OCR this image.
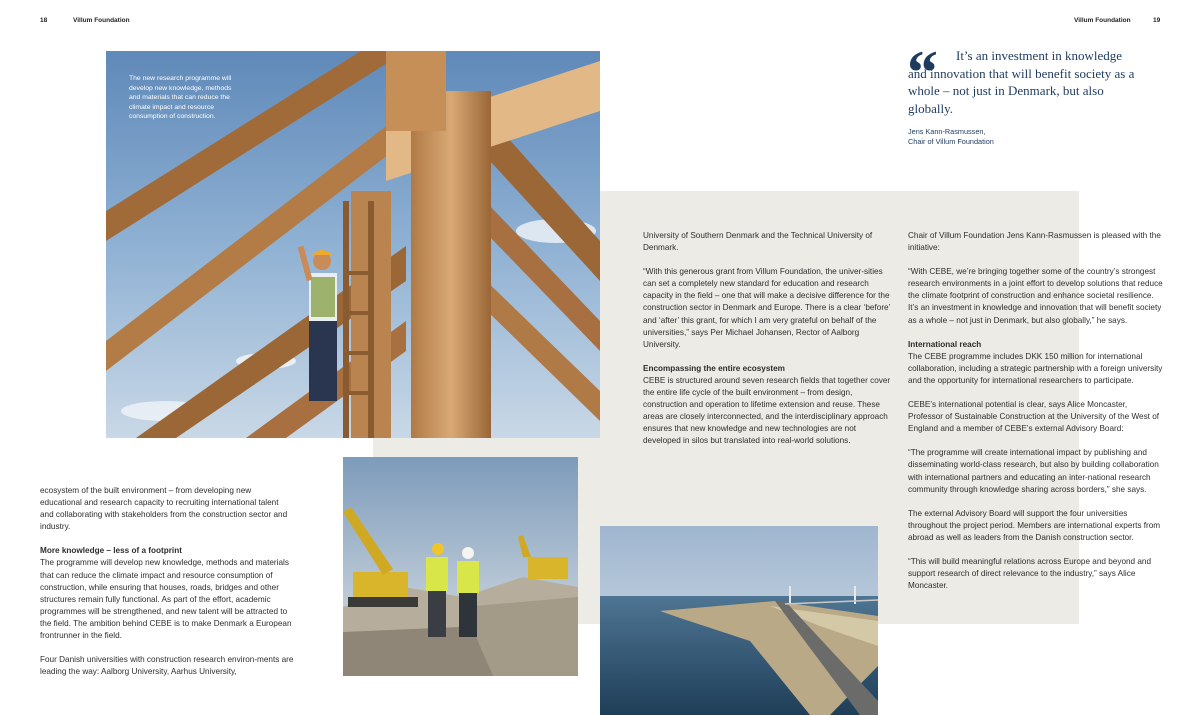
18	Villum Foundation	Villum Foundation	19
The new research programme will develop new knowledge, methods and materials that can reduce the climate impact and resource consumption of construction.
“	It’s an investment in knowledge and innovation that will benefit society as a whole – not just in Denmark, but also globally.
Jens Kann-Rasmussen,
Chair of Villum Foundation

ecosystem of the built environment – from developing new educational and research capacity to recruiting international talent and collaborating with stakeholders from the construction sector and industry.

More knowledge – less of a footprint

The programme will develop new knowledge, methods and materials that can reduce the climate impact and resource consumption of construction, while ensuring that houses, roads, bridges and other structures remain fully functional. As part of the effort, academic programmes will be strengthened, and new talent will be attracted to the field. The ambition behind CEBE is to make Denmark a European frontrunner in the field.

Four Danish universities with construction research environ-ments are leading the way: Aalborg University, Aarhus University,

University of Southern Denmark and the Technical University of Denmark.

“With this generous grant from Villum Foundation, the univer-sities can set a completely new standard for education and research capacity in the field – one that will make a decisive difference for the construction sector in Denmark and Europe. There is a clear ‘before’ and ‘after’ this grant, for which I am very grateful on behalf of the universities,” says Per Michael Johansen, Rector of Aalborg University.

Encompassing the entire ecosystem

CEBE is structured around seven research fields that together cover the entire life cycle of the built environment – from design, construction and operation to lifetime extension and reuse. These areas are closely interconnected, and the interdisciplinary approach ensures that new knowledge and new technologies are not developed in silos but translated into real-world solutions.

Chair of Villum Foundation Jens Kann-Rasmussen is pleased with the initiative:

“With CEBE, we’re bringing together some of the country’s strongest research environments in a joint effort to develop solutions that reduce the climate footprint of construction and enhance societal resilience. It’s an investment in knowledge and innovation that will benefit society as a whole – not just in Denmark, but also globally,” he says.

International reach

The CEBE programme includes DKK 150 million for international collaboration, including a strategic partnership with a foreign university and the opportunity for international researchers to participate.

CEBE’s international potential is clear, says Alice Moncaster, Professor of Sustainable Construction at the University of the West of England and a member of CEBE’s external Advisory Board:

“The programme will create international impact by publishing and disseminating world-class research, but also by building collaboration with international partners and educating an inter-national research community through knowledge sharing across borders,” she says.

The external Advisory Board will support the four universities throughout the project period. Members are international experts from abroad as well as leaders from the Danish construction sector.

“This will build meaningful relations across Europe and beyond and support research of direct relevance to the industry,” says Alice Moncaster.
